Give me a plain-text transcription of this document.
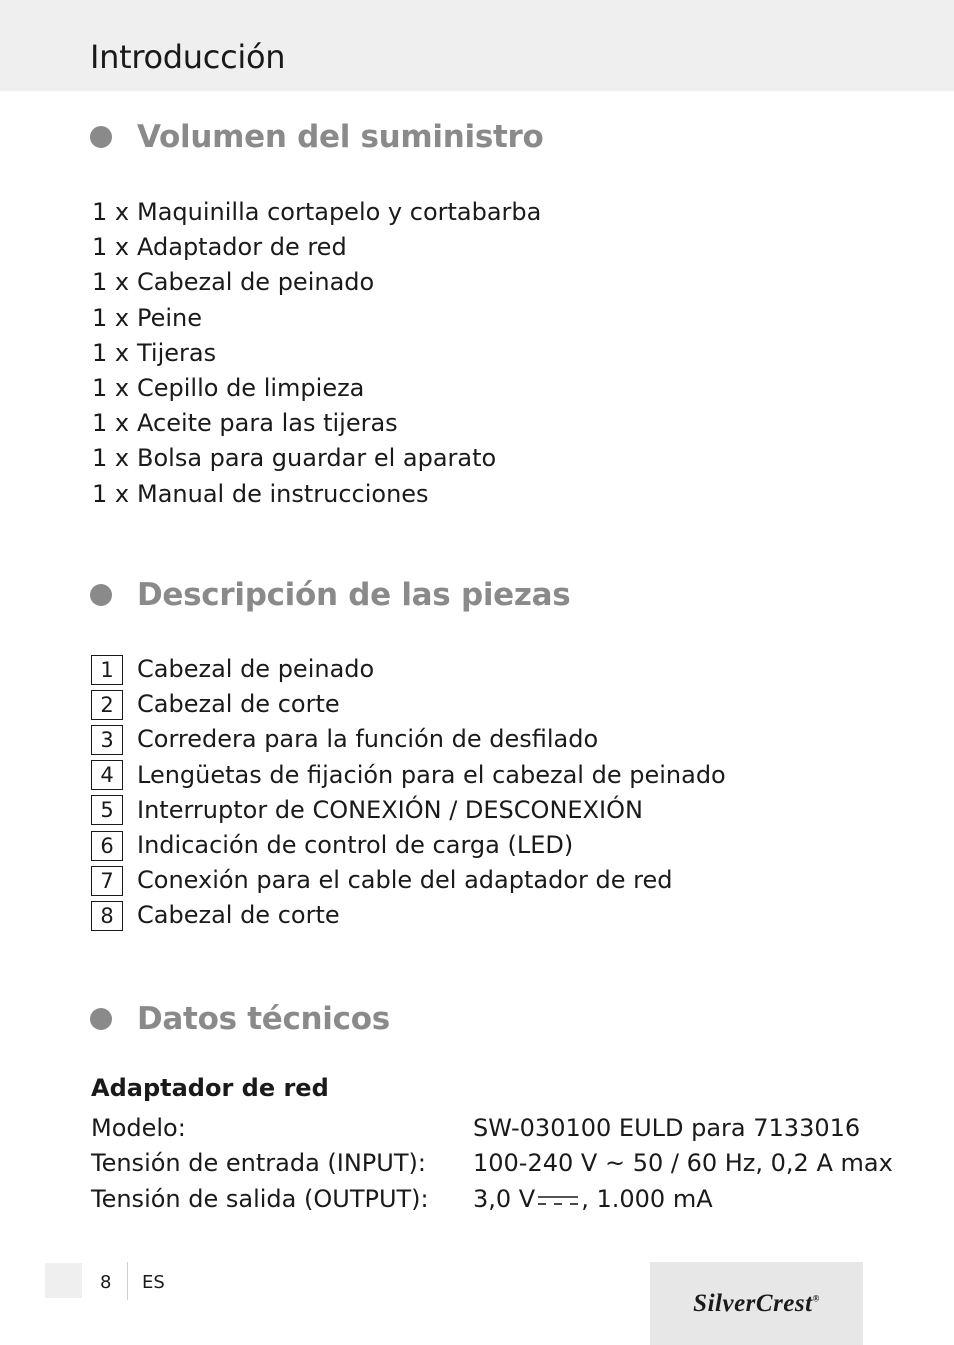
Introducción
Volumen del suministro
1 x Maquinilla cortapelo y cortabarba
1 x Adaptador de red
1 x Cabezal de peinado
1 x Peine
1 x Tijeras
1 x Cepillo de limpieza
1 x Aceite para las tijeras
1 x Bolsa para guardar el aparato
1 x Manual de instrucciones
Descripción de las piezas
1 Cabezal de peinado
2 Cabezal de corte
3 Corredera para la función de desfilado
4 Lengüetas de fijación para el cabezal de peinado
5 Interruptor de CONEXIÓN / DESCONEXIÓN
6 Indicación de control de carga (LED)
7 Conexión para el cable del adaptador de red
8 Cabezal de corte
Datos técnicos
Adaptador de red
Modelo:	SW-030100 EULD para 7133016
Tensión de entrada (INPUT):	100-240 V ~ 50 / 60 Hz, 0,2 A max
Tensión de salida (OUTPUT):	3,0 V , 1.000 mA
8 ES
SilverCrest®
